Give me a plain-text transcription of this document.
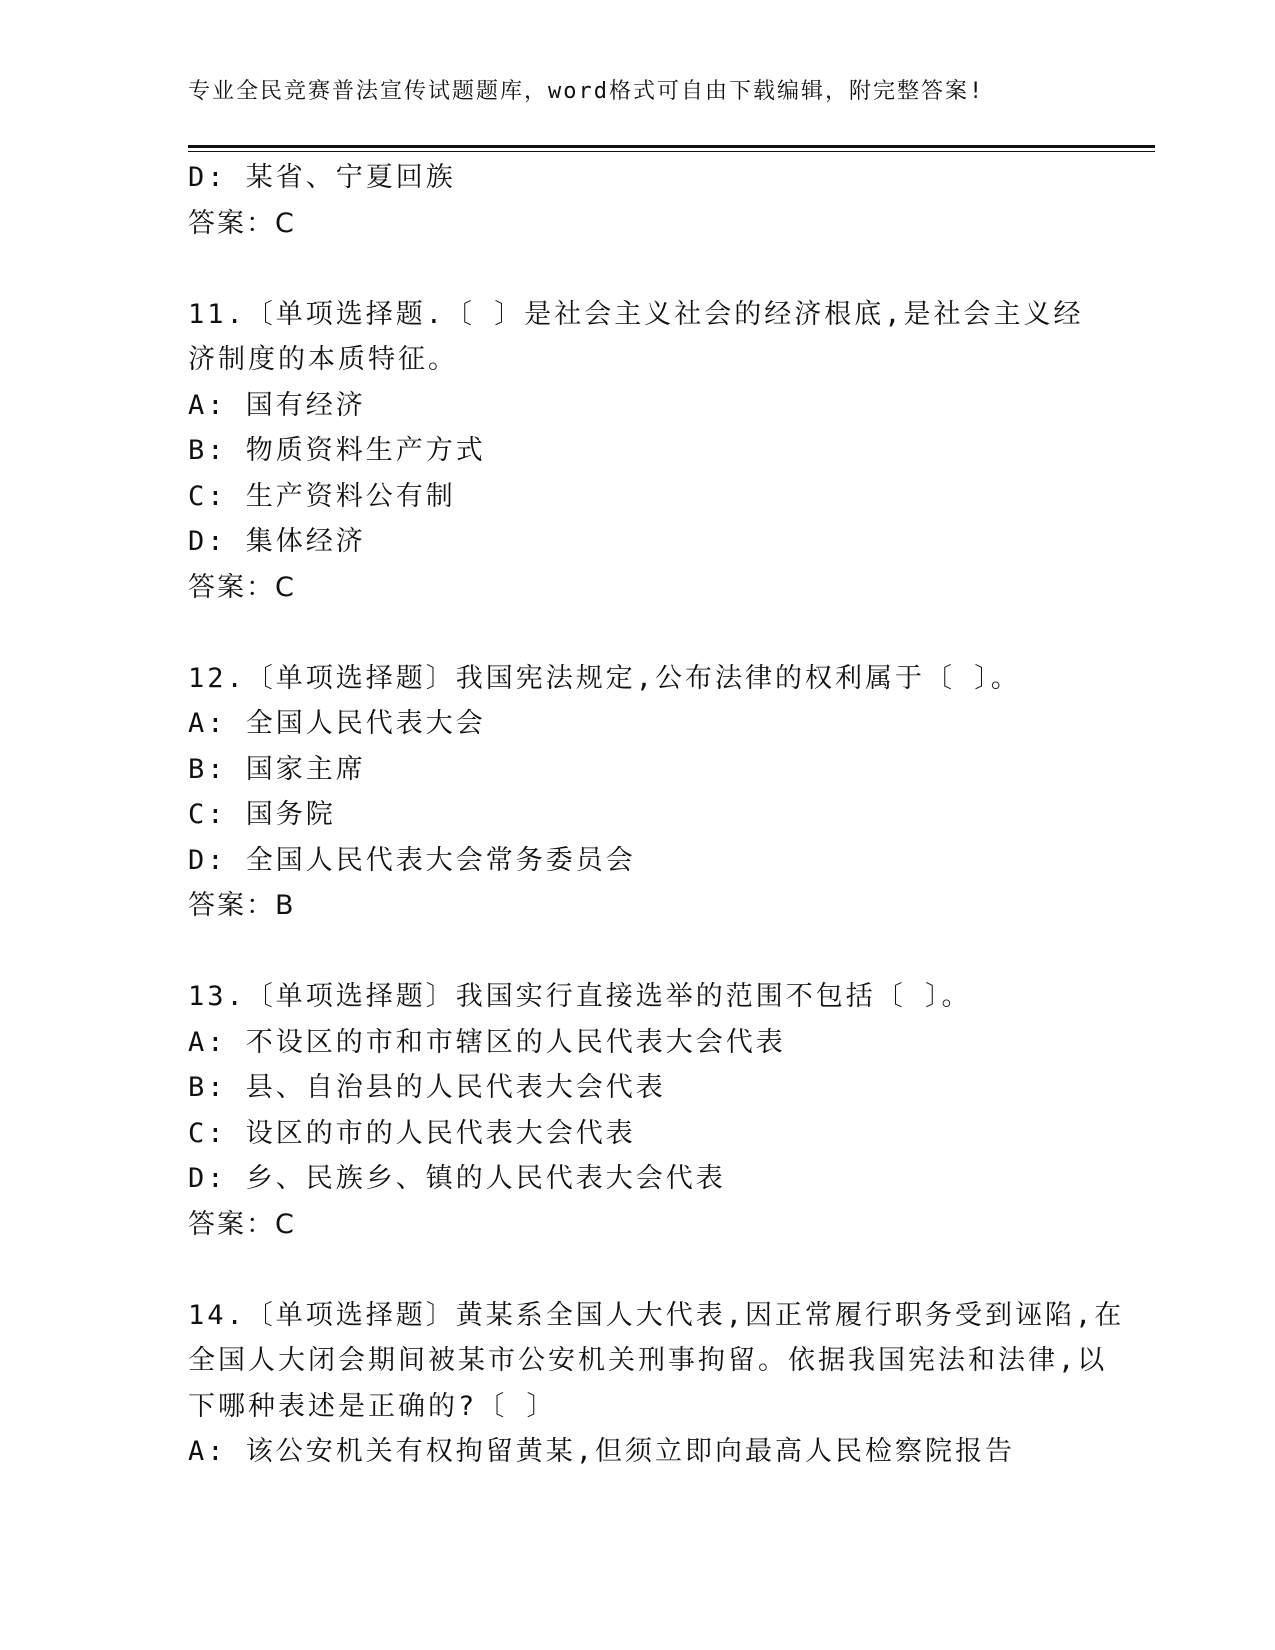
专业全民竞赛普法宣传试题题库，word格式可自由下载编辑，附完整答案!
D: 某省、宁夏回族
答案：C
11.〔单项选择题.〔 〕是社会主义社会的经济根底,是社会主义经
济制度的本质特征。
A: 国有经济
B: 物质资料生产方式
C: 生产资料公有制
D: 集体经济
答案：C
12.〔单项选择题〕我国宪法规定,公布法律的权利属于〔 〕。
A: 全国人民代表大会
B: 国家主席
C: 国务院
D: 全国人民代表大会常务委员会
答案：B
13.〔单项选择题〕我国实行直接选举的范围不包括〔 〕。
A: 不设区的市和市辖区的人民代表大会代表
B: 县、自治县的人民代表大会代表
C: 设区的市的人民代表大会代表
D: 乡、民族乡、镇的人民代表大会代表
答案：C
14.〔单项选择题〕黄某系全国人大代表,因正常履行职务受到诬陷,在
全国人大闭会期间被某市公安机关刑事拘留。依据我国宪法和法律,以
下哪种表述是正确的?〔 〕
A: 该公安机关有权拘留黄某,但须立即向最高人民检察院报告
